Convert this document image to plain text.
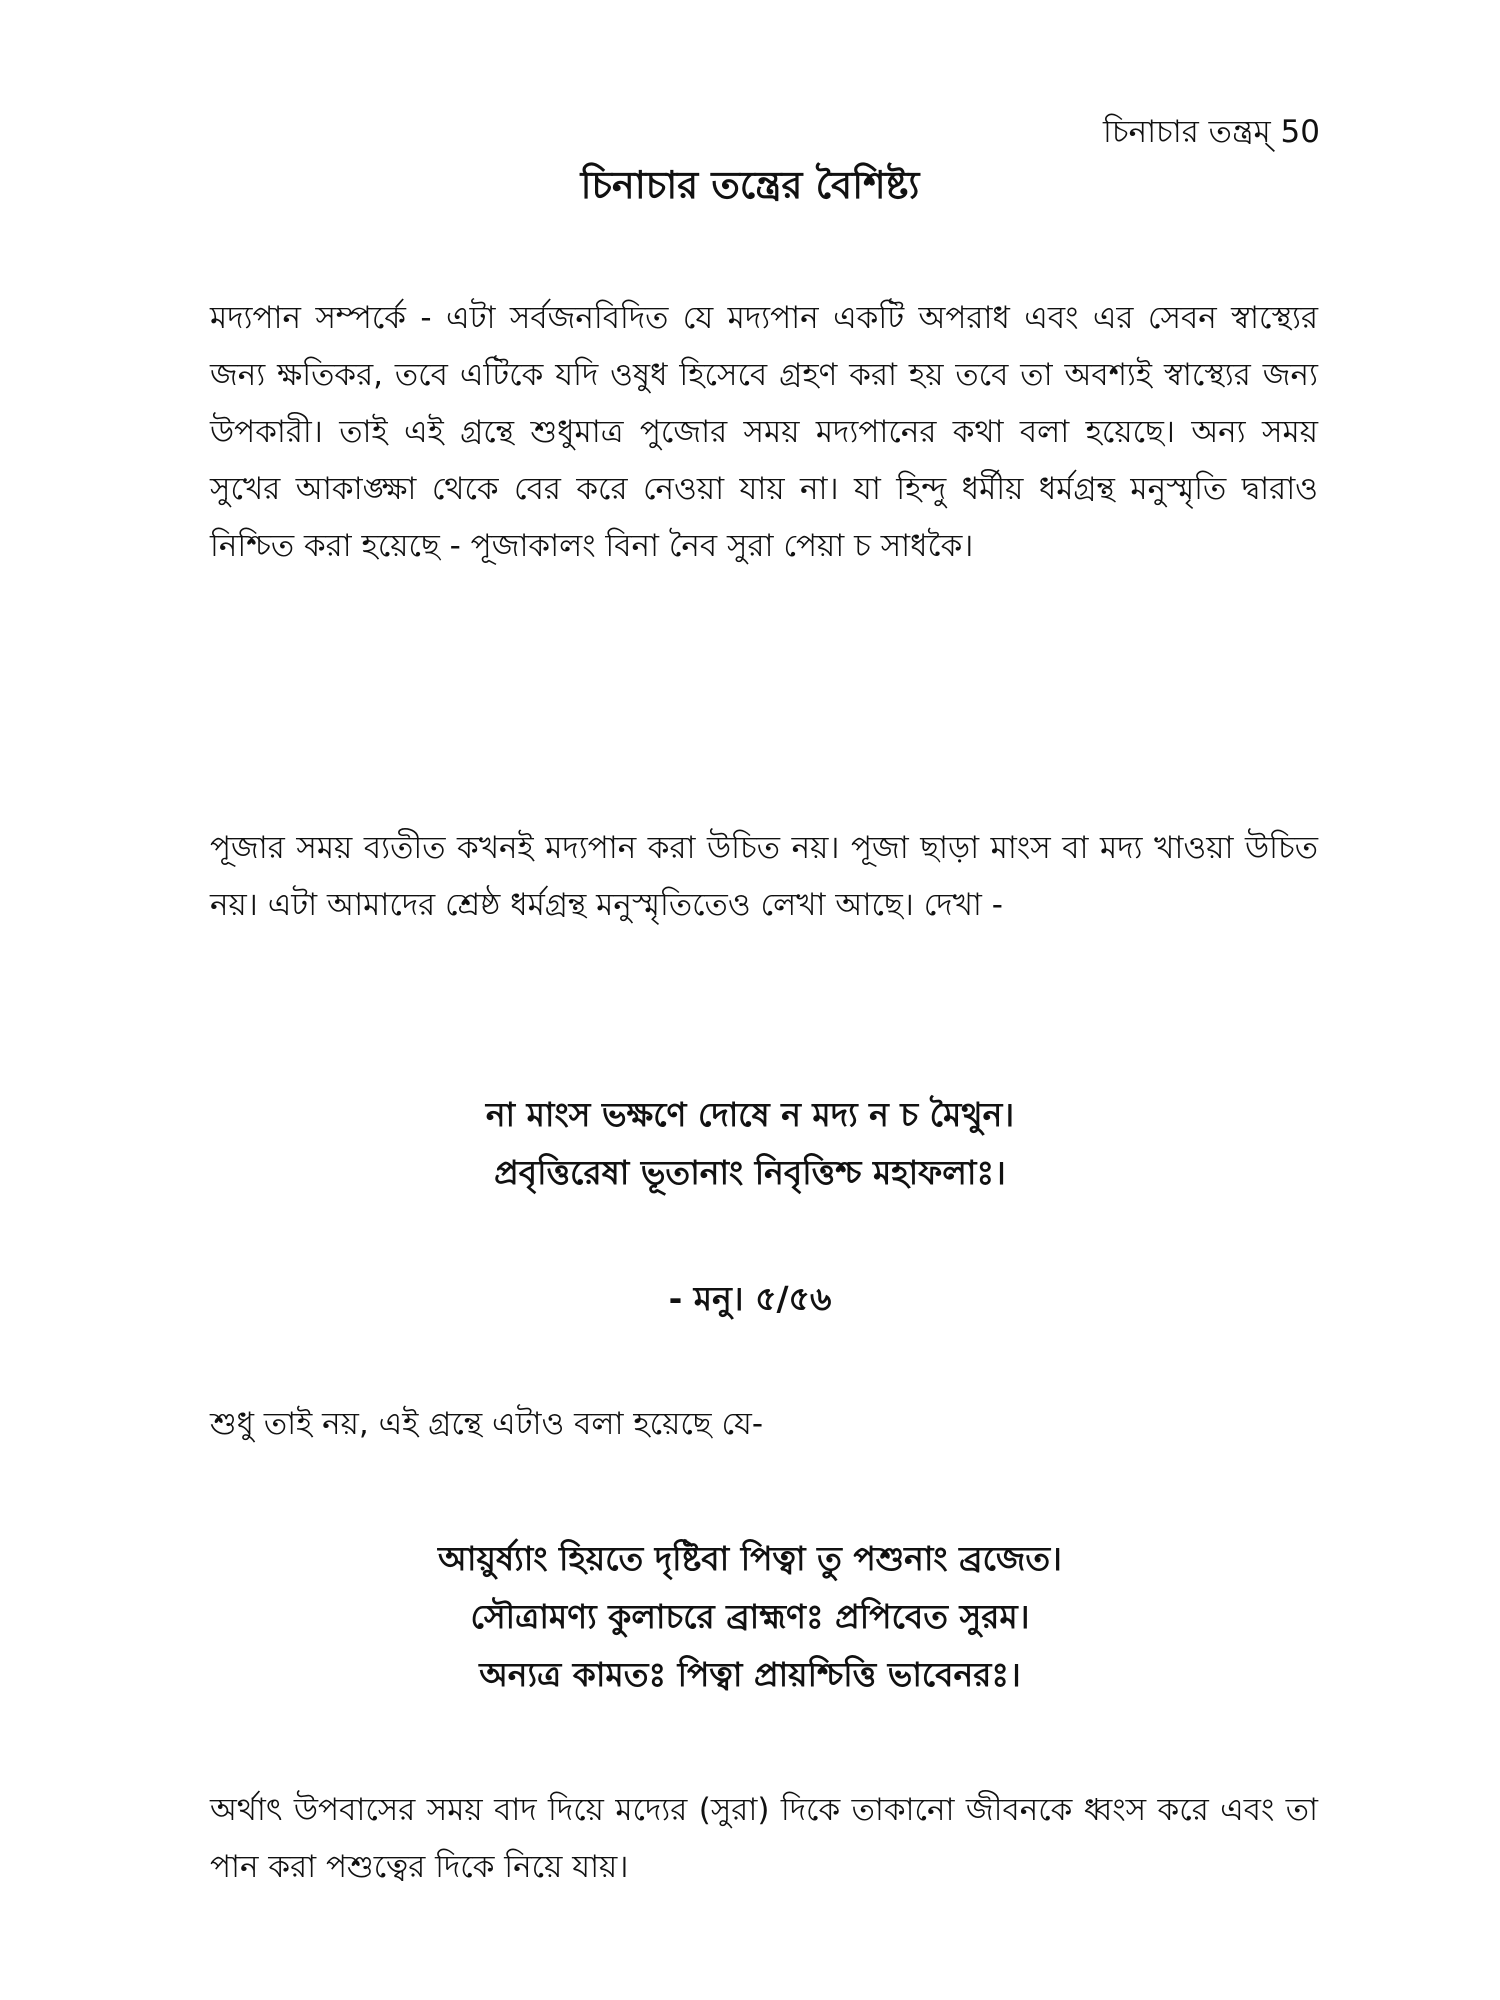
চিনাচার তন্ত্রম্ 50
চিনাচার তন্ত্রের বৈশিষ্ট্য

মদ্যপান সম্পর্কে - এটা সর্বজনবিদিত যে মদ্যপান একটি অপরাধ এবং এর সেবন স্বাস্থ্যের জন্য ক্ষতিকর, তবে এটিকে যদি ওষুধ হিসেবে গ্রহণ করা হয় তবে তা অবশ্যই স্বাস্থ্যের জন্য উপকারী। তাই এই গ্রন্থে শুধুমাত্র পুজোর সময় মদ্যপানের কথা বলা হয়েছে। অন্য সময় সুখের আকাঙ্ক্ষা থেকে বের করে নেওয়া যায় না। যা হিন্দু ধর্মীয় ধর্মগ্রন্থ মনুস্মৃতি দ্বারাও নিশ্চিত করা হয়েছে - পূজাকালং বিনা নৈব সুরা পেয়া চ সাধকৈ।

পূজার সময় ব্যতীত কখনই মদ্যপান করা উচিত নয়। পূজা ছাড়া মাংস বা মদ্য খাওয়া উচিত নয়। এটা আমাদের শ্রেষ্ঠ ধর্মগ্রন্থ মনুস্মৃতিতেও লেখা আছে। দেখা -

না মাংস ভক্ষণে দোষে ন মদ্য ন চ মৈথুন।
প্রবৃত্তিরেষা ভূতানাং নিবৃত্তিশ্চ মহাফলাঃ।
- মনু। ৫/৫৬

শুধু তাই নয়, এই গ্রন্থে এটাও বলা হয়েছে যে-

আয়ুর্ষ্যাং হিয়তে দৃষ্টিবা পিত্বা তু পশুনাং ব্রজেত।
সৌত্রামণ্য কুলাচরে ব্রাহ্মণঃ প্রপিবেত সুরম।
অন্যত্র কামতঃ পিত্বা প্রায়শ্চিত্তি ভাবেনরঃ।

অর্থাৎ উপবাসের সময় বাদ দিয়ে মদ্যের (সুরা) দিকে তাকানো জীবনকে ধ্বংস করে এবং তা পান করা পশুত্বের দিকে নিয়ে যায়।
